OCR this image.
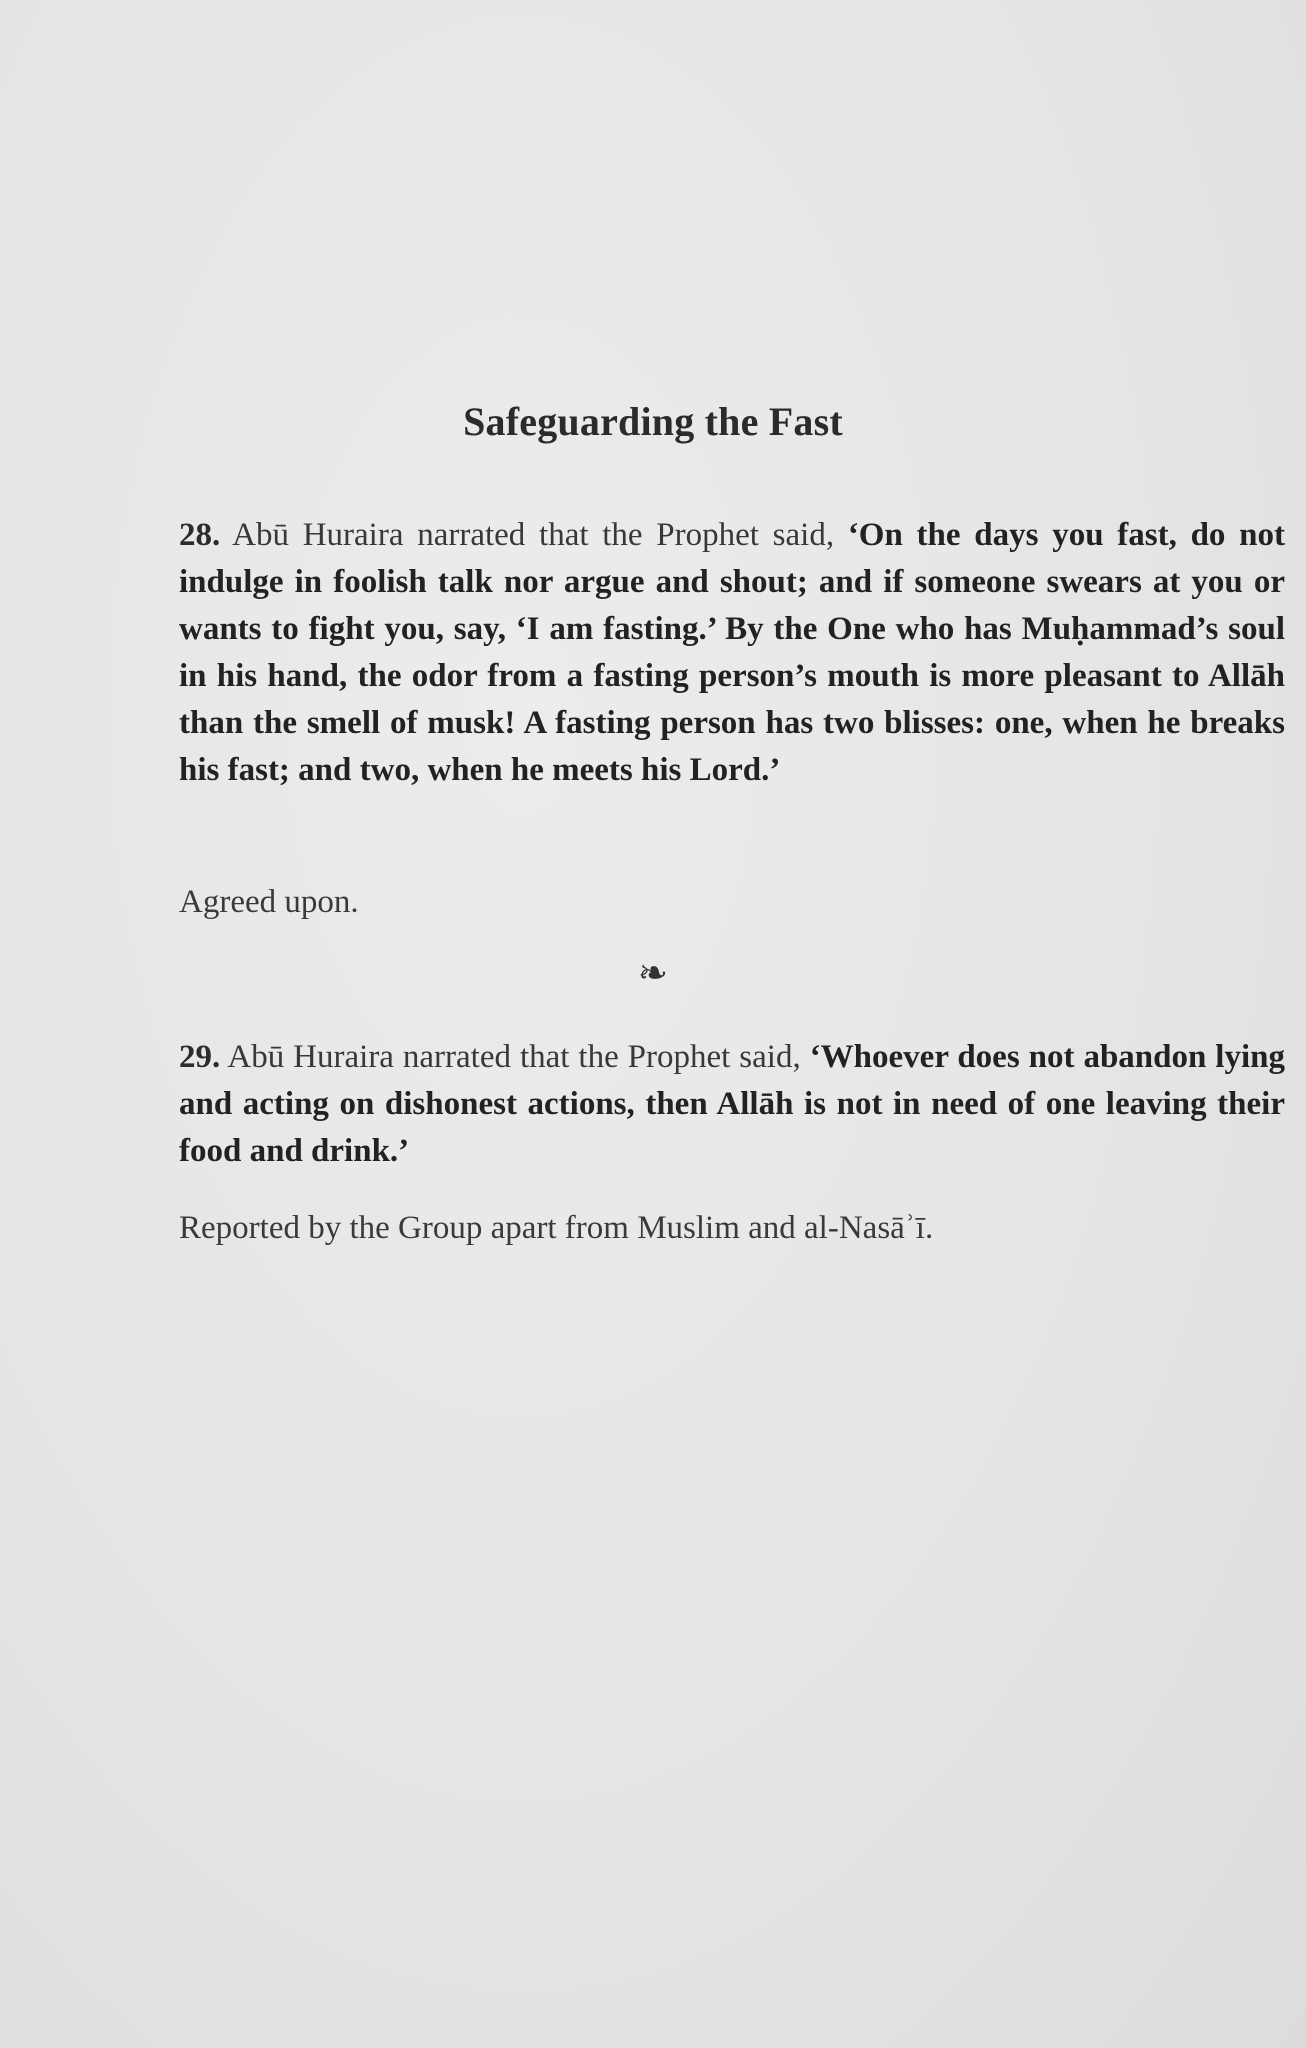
Safeguarding the Fast
28. Abū Huraira narrated that the Prophet said, ‘On the days you fast, do not indulge in foolish talk nor argue and shout; and if someone swears at you or wants to fight you, say, ‘I am fasting.’ By the One who has Muḥammad’s soul in his hand, the odor from a fasting person’s mouth is more pleasant to Allāh than the smell of musk! A fasting person has two blisses: one, when he breaks his fast; and two, when he meets his Lord.’
Agreed upon.
❧
29. Abū Huraira narrated that the Prophet said, ‘Whoever does not abandon lying and acting on dishonest actions, then Allāh is not in need of one leaving their food and drink.’
Reported by the Group apart from Muslim and al-Nasāʾī.
